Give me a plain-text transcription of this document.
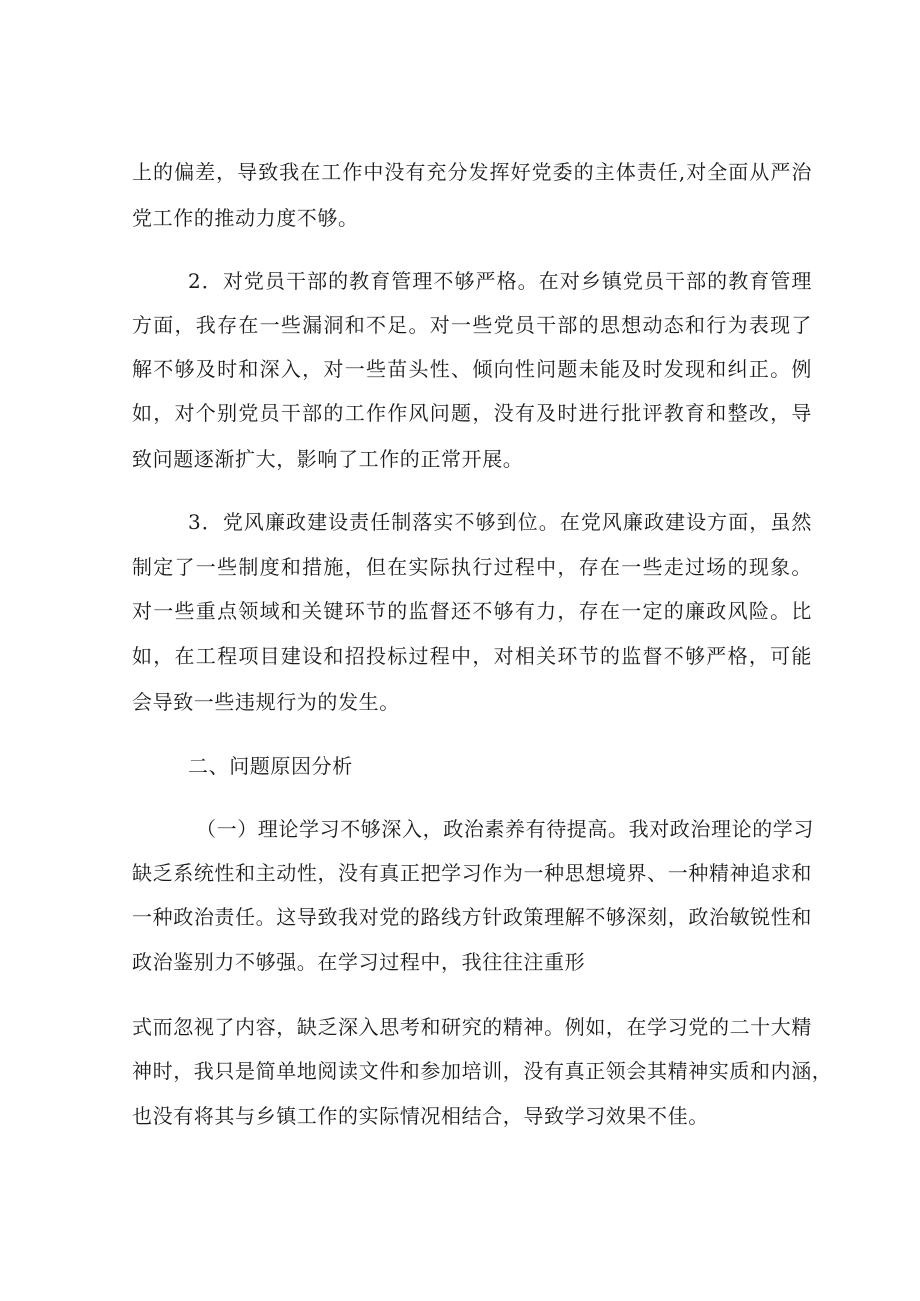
上的偏差，导致我在工作中没有充分发挥好党委的主体责任,对全面从严治
党工作的推动力度不够。
2．对党员干部的教育管理不够严格。在对乡镇党员干部的教育管理
方面，我存在一些漏洞和不足。对一些党员干部的思想动态和行为表现了
解不够及时和深入，对一些苗头性、倾向性问题未能及时发现和纠正。例
如，对个别党员干部的工作作风问题，没有及时进行批评教育和整改，导
致问题逐渐扩大，影响了工作的正常开展。
3．党风廉政建设责任制落实不够到位。在党风廉政建设方面，虽然
制定了一些制度和措施，但在实际执行过程中，存在一些走过场的现象。
对一些重点领域和关键环节的监督还不够有力，存在一定的廉政风险。比
如，在工程项目建设和招投标过程中，对相关环节的监督不够严格，可能
会导致一些违规行为的发生。
二、问题原因分析
（一）理论学习不够深入，政治素养有待提高。我对政治理论的学习
缺乏系统性和主动性，没有真正把学习作为一种思想境界、一种精神追求和
一种政治责任。这导致我对党的路线方针政策理解不够深刻，政治敏锐性和
政治鉴别力不够强。在学习过程中，我往往注重形
式而忽视了内容，缺乏深入思考和研究的精神。例如，在学习党的二十大精
神时，我只是简单地阅读文件和参加培训，没有真正领会其精神实质和内涵，
也没有将其与乡镇工作的实际情况相结合，导致学习效果不佳。
